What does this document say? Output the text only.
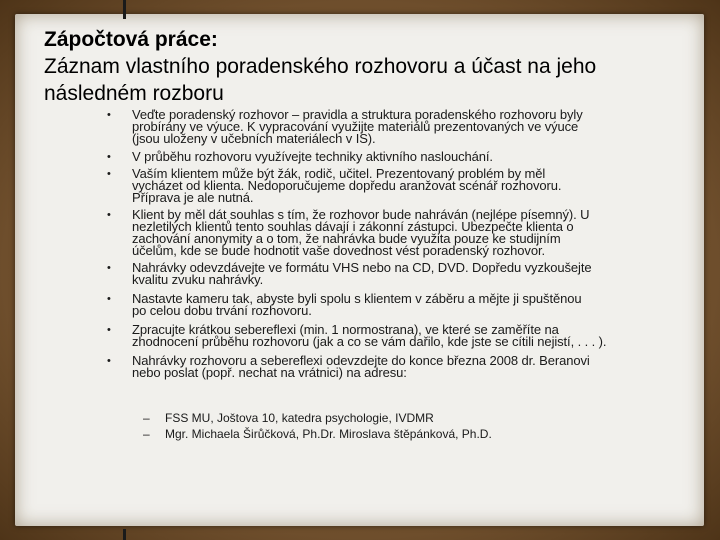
Zápočtová práce:
Záznam vlastního poradenského rozhovoru a účast na jeho
následném rozboru
• Veďte poradenský rozhovor – pravidla a struktura poradenského rozhovoru byly
probírány ve výuce. K vypracování využijte materiálů prezentovaných ve výuce
(jsou uloženy v učebních materiálech v IS).
• V průběhu rozhovoru využívejte techniky aktivního naslouchání.
• Vaším klientem může být žák, rodič, učitel. Prezentovaný problém by měl
vycházet od klienta. Nedoporučujeme dopředu aranžovat scénář rozhovoru.
Příprava je ale nutná.
• Klient by měl dát souhlas s tím, že rozhovor bude nahráván (nejlépe písemný). U
nezletilých klientů tento souhlas dávají i zákonní zástupci. Ubezpečte klienta o
zachování anonymity a o tom, že nahrávka bude využita pouze ke studijním
účelům, kde se bude hodnotit vaše dovednost vést poradenský rozhovor.
• Nahrávky odevzdávejte ve formátu VHS nebo na CD, DVD. Dopředu vyzkoušejte
kvalitu zvuku nahrávky.
• Nastavte kameru tak, abyste byli spolu s klientem v záběru a mějte ji spuštěnou
po celou dobu trvání rozhovoru.
• Zpracujte krátkou sebereflexi (min. 1 normostrana), ve které se zaměříte na
zhodnocení průběhu rozhovoru (jak a co se vám dařilo, kde jste se cítili nejistí, . . . ).
• Nahrávky rozhovoru a sebereflexi odevzdejte do konce března 2008 dr. Beranovi
nebo poslat (popř. nechat na vrátnici) na adresu:
– FSS MU, Joštova 10, katedra psychologie, IVDMR
– Mgr. Michaela Širůčková, Ph.Dr. Miroslava štěpánková, Ph.D.
